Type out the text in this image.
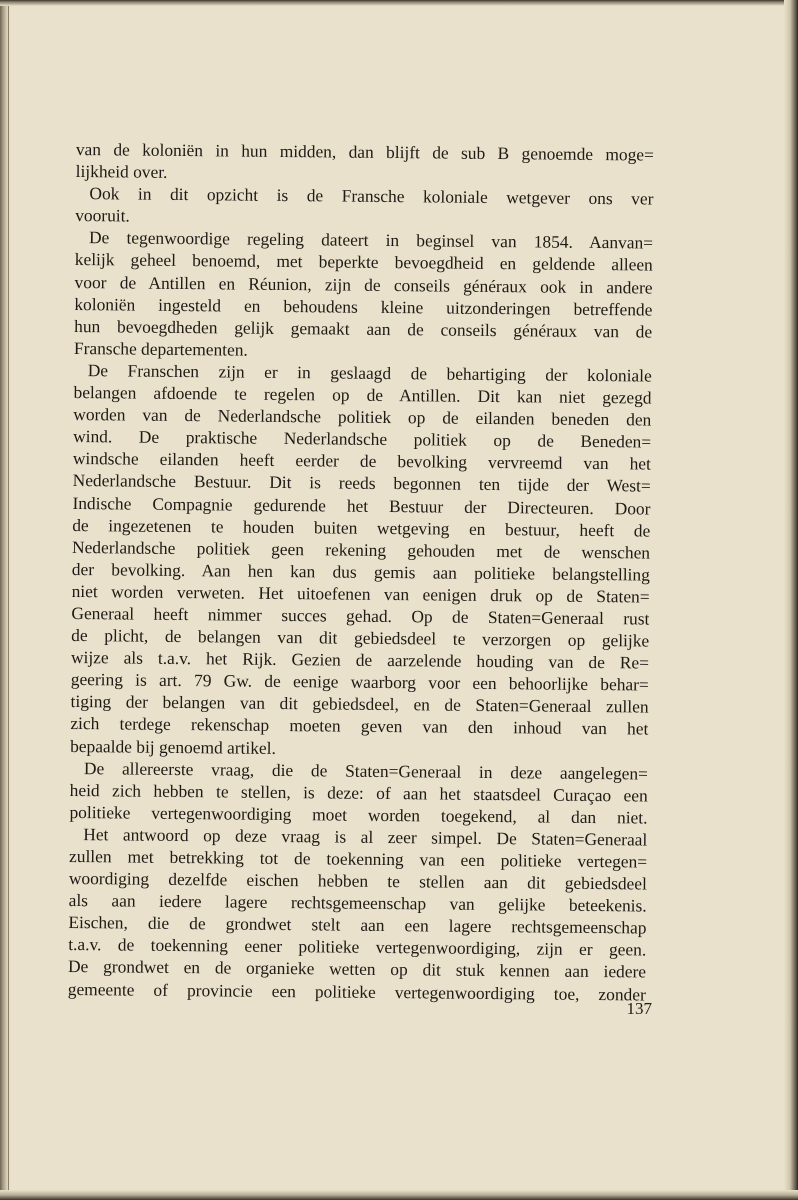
van de koloniën in hun midden, dan blijft de sub B genoemde moge=
lijkheid over.
Ook in dit opzicht is de Fransche koloniale wetgever ons ver
vooruit.
De tegenwoordige regeling dateert in beginsel van 1854. Aanvan=
kelijk geheel benoemd, met beperkte bevoegdheid en geldende alleen
voor de Antillen en Réunion, zijn de conseils généraux ook in andere
koloniën ingesteld en behoudens kleine uitzonderingen betreffende
hun bevoegdheden gelijk gemaakt aan de conseils généraux van de
Fransche departementen.
De Franschen zijn er in geslaagd de behartiging der koloniale
belangen afdoende te regelen op de Antillen. Dit kan niet gezegd
worden van de Nederlandsche politiek op de eilanden beneden den
wind. De praktische Nederlandsche politiek op de Beneden=
windsche eilanden heeft eerder de bevolking vervreemd van het
Nederlandsche Bestuur. Dit is reeds begonnen ten tijde der West=
Indische Compagnie gedurende het Bestuur der Directeuren. Door
de ingezetenen te houden buiten wetgeving en bestuur, heeft de
Nederlandsche politiek geen rekening gehouden met de wenschen
der bevolking. Aan hen kan dus gemis aan politieke belangstelling
niet worden verweten. Het uitoefenen van eenigen druk op de Staten=
Generaal heeft nimmer succes gehad. Op de Staten=Generaal rust
de plicht, de belangen van dit gebiedsdeel te verzorgen op gelijke
wijze als t.a.v. het Rijk. Gezien de aarzelende houding van de Re=
geering is art. 79 Gw. de eenige waarborg voor een behoorlijke behar=
tiging der belangen van dit gebiedsdeel, en de Staten=Generaal zullen
zich terdege rekenschap moeten geven van den inhoud van het
bepaalde bij genoemd artikel.
De allereerste vraag, die de Staten=Generaal in deze aangelegen=
heid zich hebben te stellen, is deze: of aan het staatsdeel Curaçao een
politieke vertegenwoordiging moet worden toegekend, al dan niet.
Het antwoord op deze vraag is al zeer simpel. De Staten=Generaal
zullen met betrekking tot de toekenning van een politieke vertegen=
woordiging dezelfde eischen hebben te stellen aan dit gebiedsdeel
als aan iedere lagere rechtsgemeenschap van gelijke beteekenis.
Eischen, die de grondwet stelt aan een lagere rechtsgemeenschap
t.a.v. de toekenning eener politieke vertegenwoordiging, zijn er geen.
De grondwet en de organieke wetten op dit stuk kennen aan iedere
gemeente of provincie een politieke vertegenwoordiging toe, zonder
137
